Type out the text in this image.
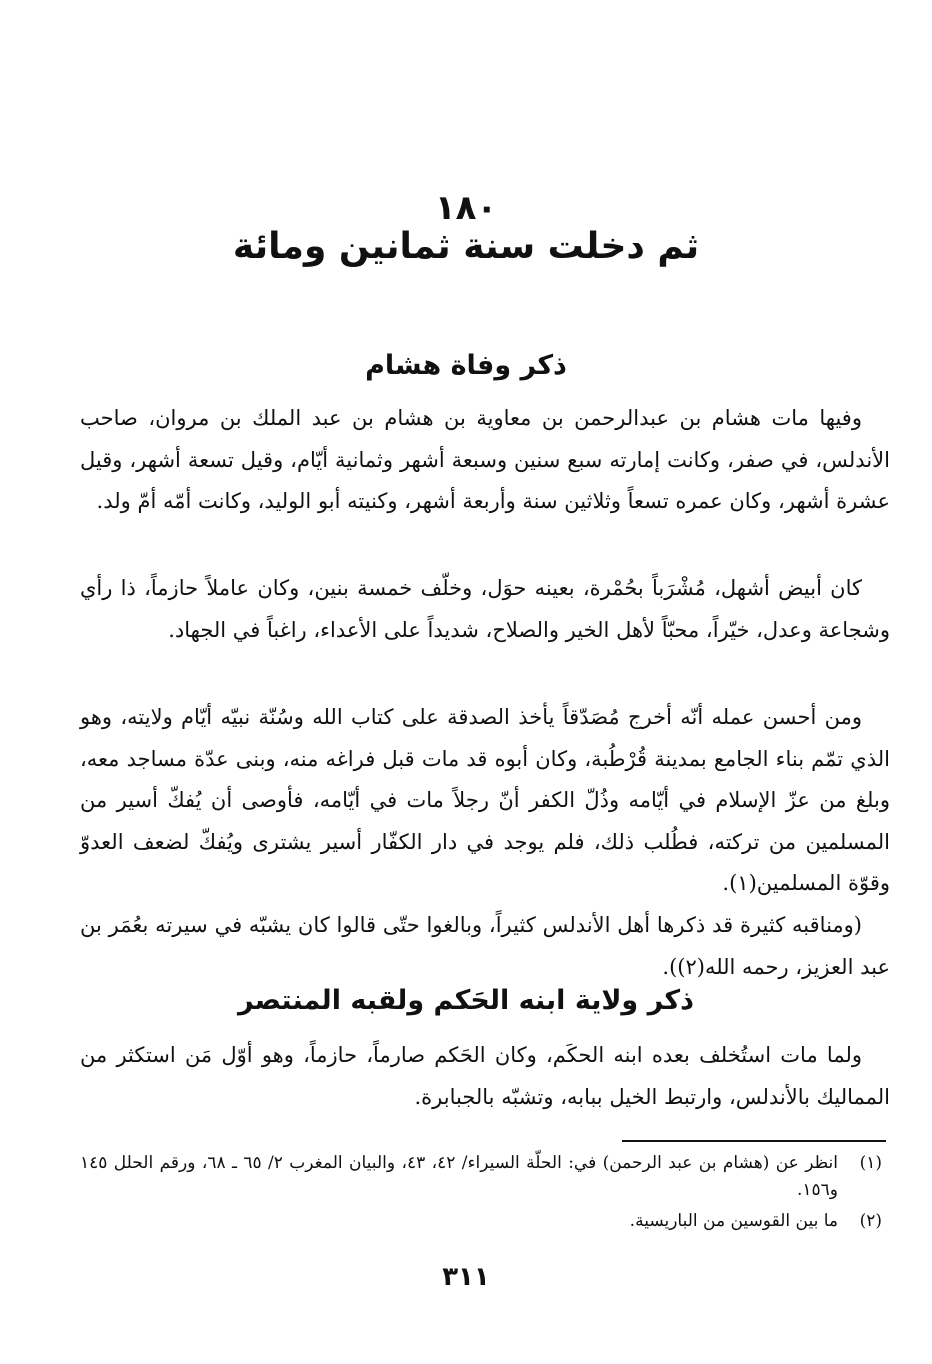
١٨٠
ثم دخلت سنة ثمانين ومائة
ذكر وفاة هشام
وفيها مات هشام بن عبدالرحمن بن معاوية بن هشام بن عبد الملك بن مروان، صاحب الأندلس، في صفر، وكانت إمارته سبع سنين وسبعة أشهر وثمانية أيّام، وقيل تسعة أشهر، وقيل عشرة أشهر، وكان عمره تسعاً وثلاثين سنة وأربعة أشهر، وكنيته أبو الوليد، وكانت أمّه أمّ ولد.
كان أبيض أشهل، مُشْرَباً بحُمْرة، بعينه حوَل، وخلّف خمسة بنين، وكان عاملاً حازماً، ذا رأي وشجاعة وعدل، خيّراً، محبّاً لأهل الخير والصلاح، شديداً على الأعداء، راغباً في الجهاد.
ومن أحسن عمله أنّه أخرج مُصَدّقاً يأخذ الصدقة على كتاب الله وسُنّة نبيّه أيّام ولايته، وهو الذي تمّم بناء الجامع بمدينة قُرْطُبة، وكان أبوه قد مات قبل فراغه منه، وبنى عدّة مساجد معه، وبلغ من عزّ الإسلام في أيّامه وذُلّ الكفر أنّ رجلاً مات في أيّامه، فأوصى أن يُفكّ أسير من المسلمين من تركته، فطُلب ذلك، فلم يوجد في دار الكفّار أسير يشترى ويُفكّ لضعف العدوّ وقوّة المسلمين(١).
(ومناقبه كثيرة قد ذكرها أهل الأندلس كثيراً، وبالغوا حتّى قالوا كان يشبّه في سيرته بعُمَر بن عبد العزيز، رحمه الله(٢)).
ذكر ولاية ابنه الحَكم ولقبه المنتصر
ولما مات استُخلف بعده ابنه الحكَم، وكان الحَكم صارماً، حازماً، وهو أوّل مَن استكثر من المماليك بالأندلس، وارتبط الخيل ببابه، وتشبّه بالجبابرة.
(١)
انظر عن (هشام بن عبد الرحمن) في: الحلّة السيراء/ ٤٢، ٤٣، والبيان المغرب ٢/ ٦٥ ـ ٦٨، ورقم الحلل ١٤٥ و١٥٦.
(٢)
ما بين القوسين من الباريسية.
٣١١
